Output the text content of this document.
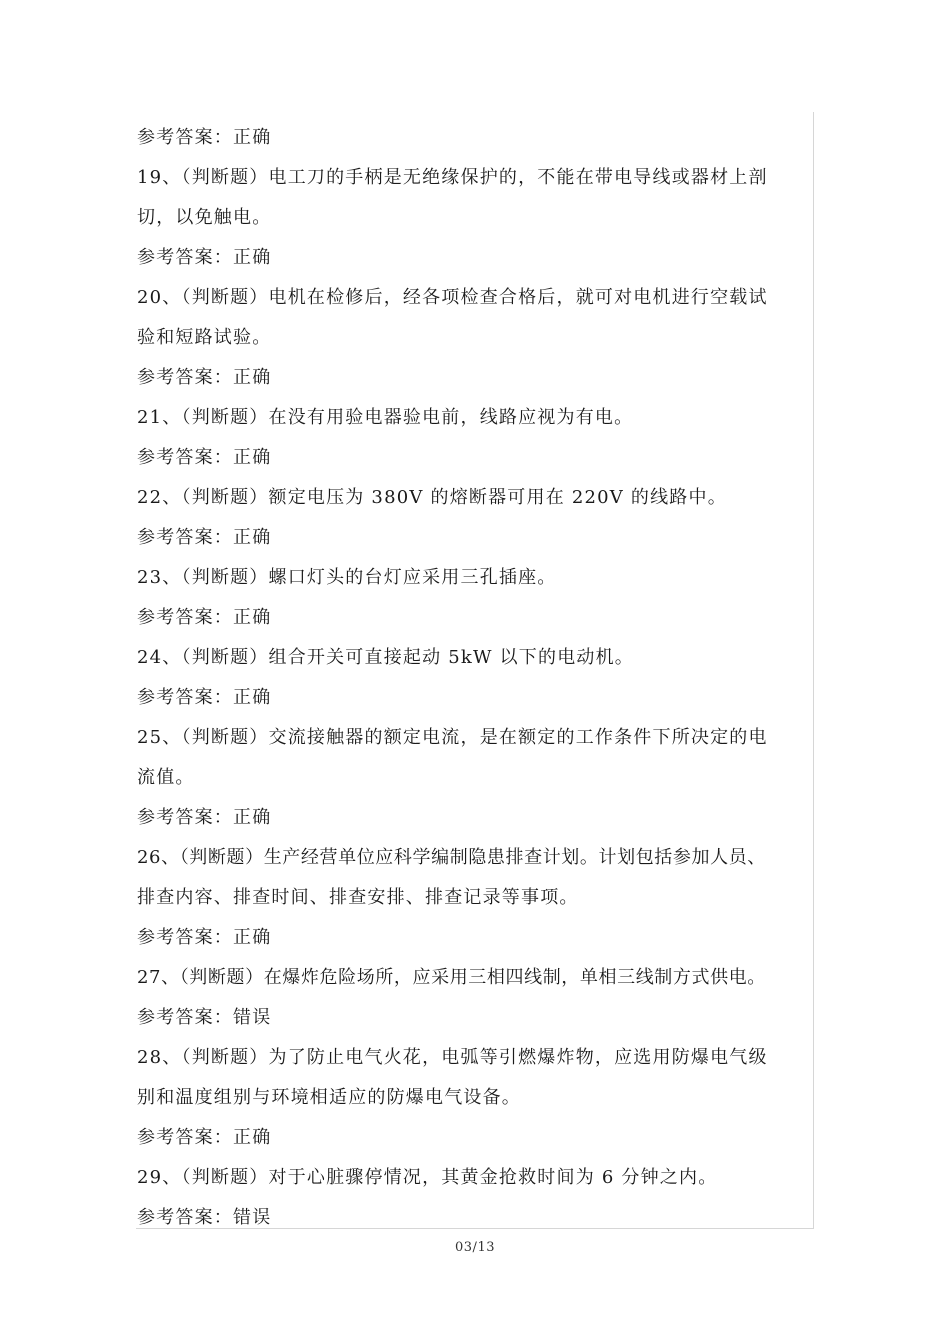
参考答案：正确
19、（判断题）电工刀的手柄是无绝缘保护的，不能在带电导线或器材上剖
切，以免触电。
参考答案：正确
20、（判断题）电机在检修后，经各项检查合格后，就可对电机进行空载试
验和短路试验。
参考答案：正确
21、（判断题）在没有用验电器验电前，线路应视为有电。
参考答案：正确
22、（判断题）额定电压为 380V 的熔断器可用在 220V 的线路中。
参考答案：正确
23、（判断题）螺口灯头的台灯应采用三孔插座。
参考答案：正确
24、（判断题）组合开关可直接起动 5kW 以下的电动机。
参考答案：正确
25、（判断题）交流接触器的额定电流，是在额定的工作条件下所决定的电
流值。
参考答案：正确
26、（判断题）生产经营单位应科学编制隐患排查计划。计划包括参加人员、
排查内容、排查时间、排查安排、排查记录等事项。
参考答案：正确
27、（判断题）在爆炸危险场所，应采用三相四线制，单相三线制方式供电。
参考答案：错误
28、（判断题）为了防止电气火花，电弧等引燃爆炸物，应选用防爆电气级
别和温度组别与环境相适应的防爆电气设备。
参考答案：正确
29、（判断题）对于心脏骤停情况，其黄金抢救时间为 6 分钟之内。
参考答案：错误
03/13
